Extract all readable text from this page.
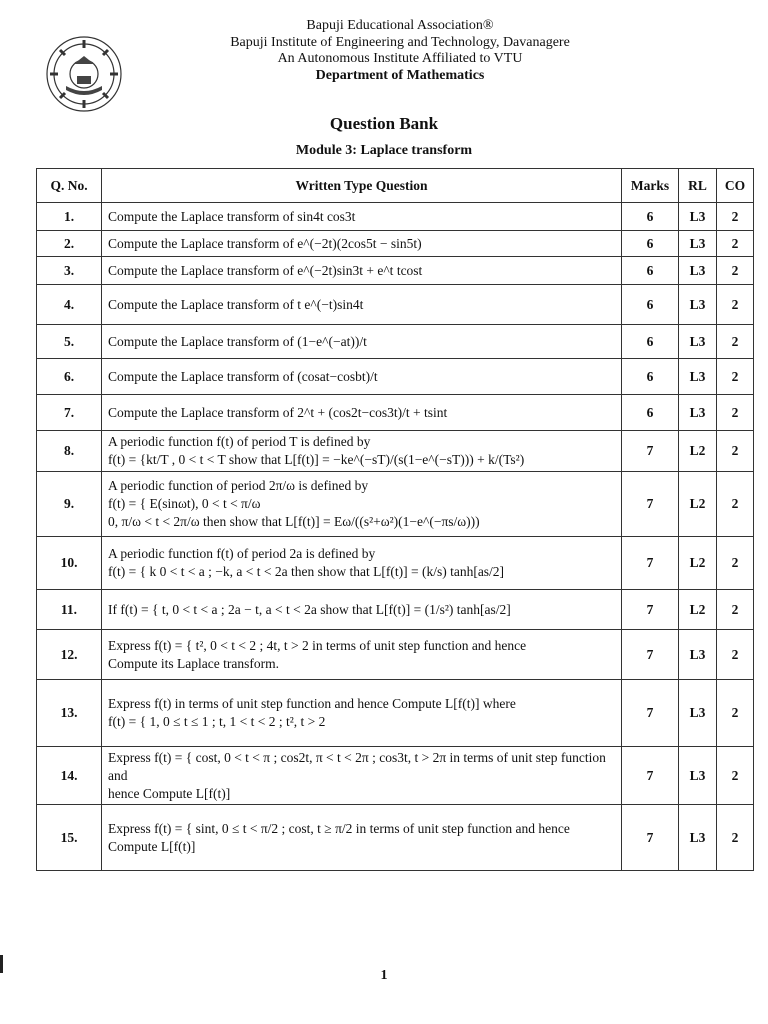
Bapuji Educational Association®
Bapuji Institute of Engineering and Technology, Davanagere
An Autonomous Institute Affiliated to VTU
Department of Mathematics
Question Bank
Module 3: Laplace transform
Q. No.	Written Type Question	Marks	RL	CO
1.	Compute the Laplace transform of sin4t cos3t	6	L3	2
2.	Compute the Laplace transform of e^(−2t)(2cos5t − sin5t)	6	L3	2
3.	Compute the Laplace transform of e^(−2t)sin3t + e^t tcost	6	L3	2
4.	Compute the Laplace transform of t e^(−t)sin4t	6	L3	2
5.	Compute the Laplace transform of (1−e^(−at))/t	6	L3	2
6.	Compute the Laplace transform of (cosat−cosbt)/t	6	L3	2
7.	Compute the Laplace transform of 2^t + (cos2t−cos3t)/t + tsint	6	L3	2
8.	A periodic function f(t) of period T is defined by
f(t) = {kt/T , 0 < t < T show that L[f(t)] = −ke^(−sT)/(s(1−e^(−sT))) + k/(Ts²)	7	L2	2
9.	A periodic function of period 2π/ω is defined by
f(t) = { E(sinωt), 0 < t < π/ω
0, π/ω < t < 2π/ω then show that L[f(t)] = Eω/((s²+ω²)(1−e^(−πs/ω)))	7	L2	2
10.	A periodic function f(t) of period 2a is defined by
f(t) = { k 0 < t < a ; −k, a < t < 2a then show that L[f(t)] = (k/s) tanh[as/2]	7	L2	2
11.	If f(t) = { t, 0 < t < a ; 2a − t, a < t < 2a show that L[f(t)] = (1/s²) tanh[as/2]	7	L2	2
12.	Express f(t) = { t², 0 < t < 2 ; 4t, t > 2 in terms of unit step function and hence
Compute its Laplace transform.	7	L3	2
13.	Express f(t) in terms of unit step function and hence Compute L[f(t)] where
f(t) = { 1, 0 ≤ t ≤ 1 ; t, 1 < t < 2 ; t², t > 2	7	L3	2
14.	Express f(t) = { cost, 0 < t < π ; cos2t, π < t < 2π ; cos3t, t > 2π in terms of unit step function and
hence Compute L[f(t)]	7	L3	2
15.	Express f(t) = { sint, 0 ≤ t < π/2 ; cost, t ≥ π/2 in terms of unit step function and hence
Compute L[f(t)]	7	L3	2
1
